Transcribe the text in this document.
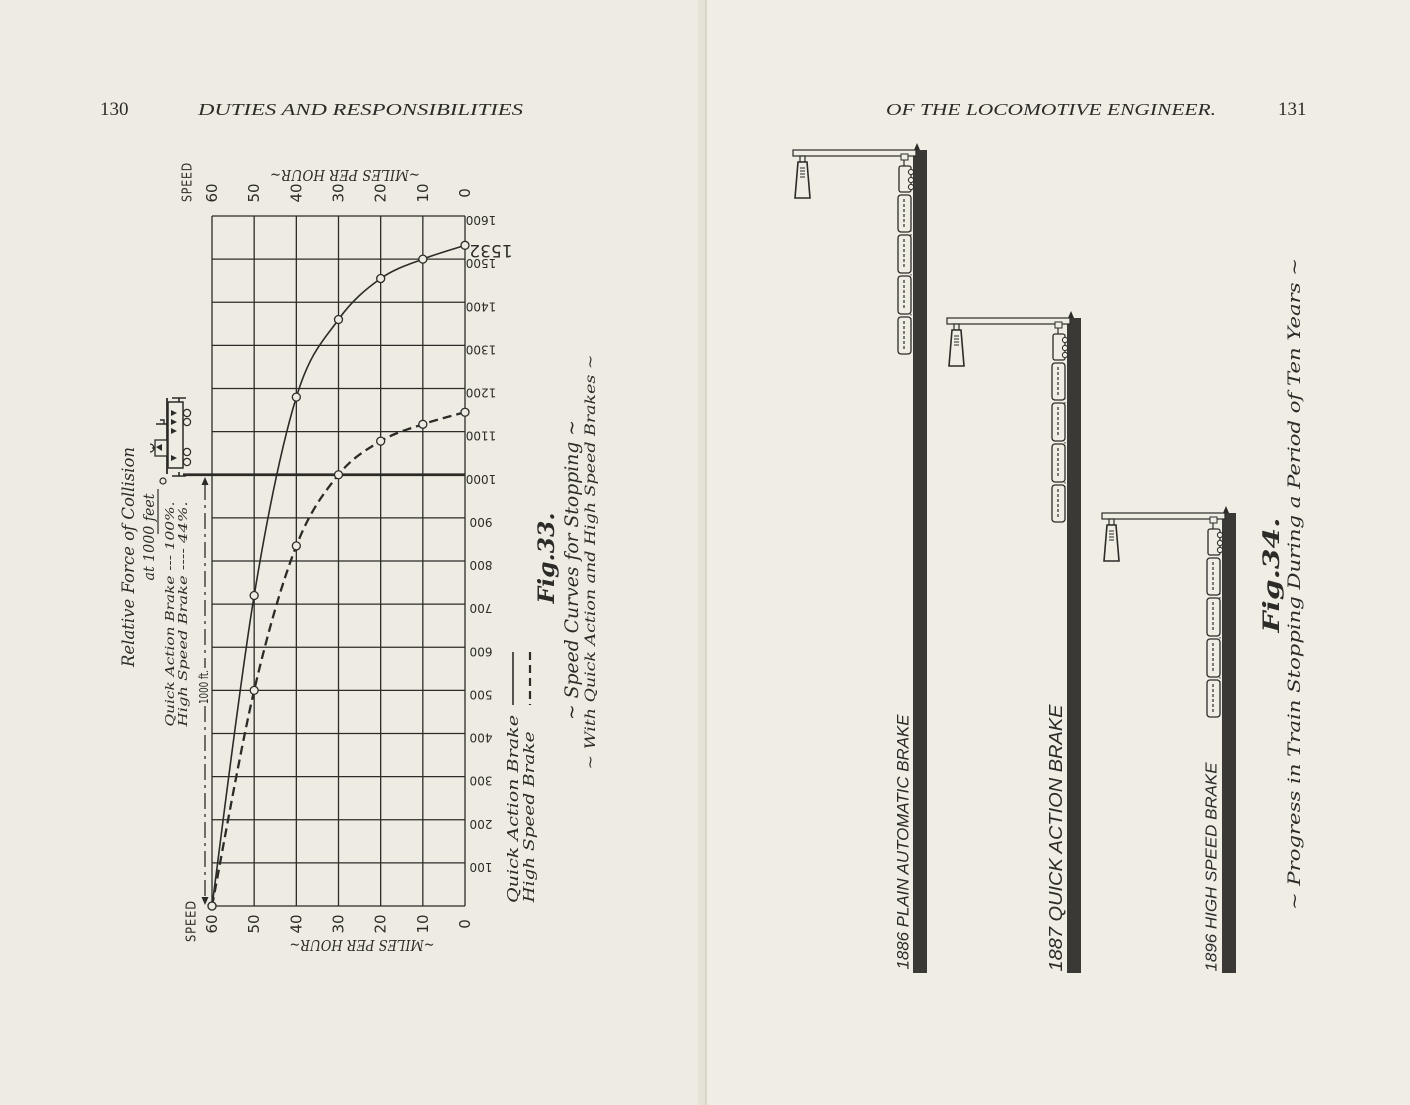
130	DUTIES AND RESPONSIBILITIES
60
60
50
50
40
40
30
30
20
20
10
10
0
0
100
200
300
400
500
600
700
800
900
1000
1100
1200
1300
1400
1500
1600
SPEED	~MILES PER HOUR~
SPEED
~MILES PER HOUR~
1532
1000 ft.
Relative Force of Collision at 1000 feet
Quick Action Brake --- 100%. High Speed Brake ---- 44%.
Quick Action Brake
High Speed Brake
Fig.33. ~ Speed Curves for Stopping ~ ~ With Quick Action and High Speed Brakes ~
OF THE LOCOMOTIVE ENGINEER.	131
1886 PLAIN AUTOMATIC BRAKE	1887 QUICK ACTION BRAKE	1896 HIGH SPEED BRAKE
Fig.34. ~ Progress in Train Stopping During a Period of Ten Years ~
